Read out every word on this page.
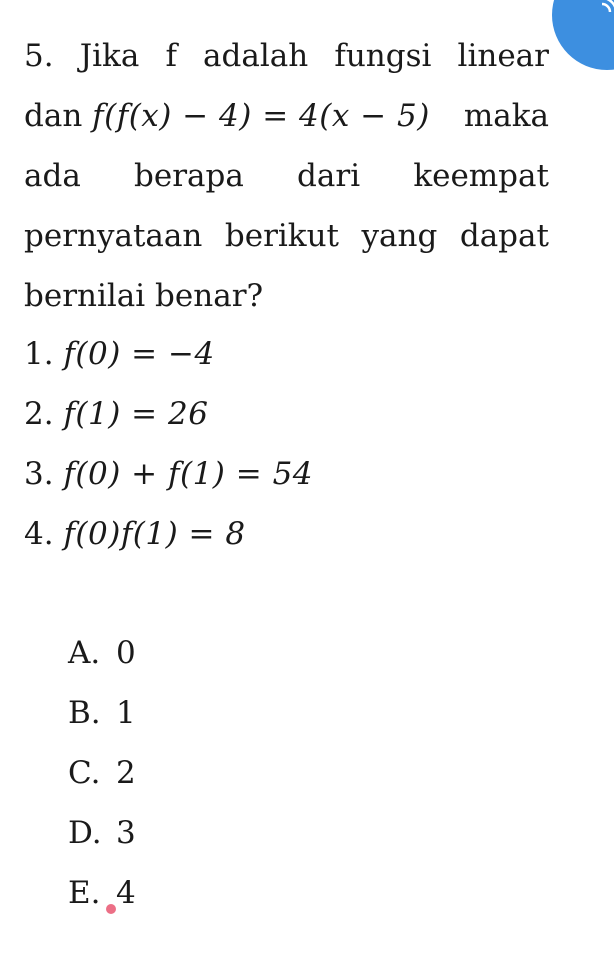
5. Jika f adalah fungsi linear
dan f(f(x) − 4) = 4(x − 5) maka
ada berapa dari keempat
pernyataan berikut yang dapat
bernilai benar?
1. f(0) = −4
2. f(1) = 26
3. f(0) + f(1) = 54
4. f(0)f(1) = 8
A. 0
B. 1
C. 2
D. 3
E. 4
